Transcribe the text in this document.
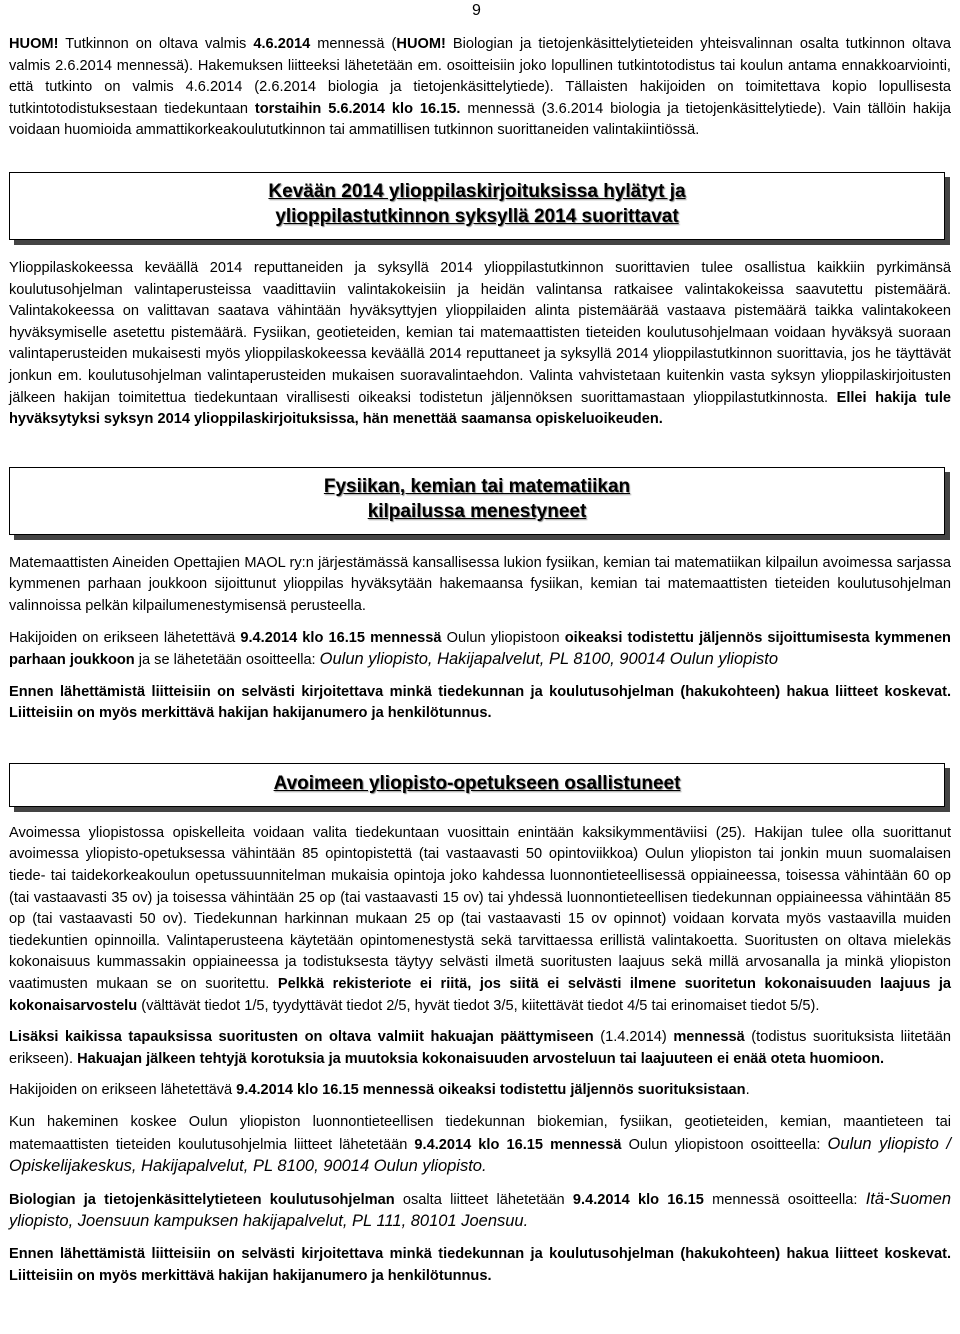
9

HUOM! Tutkinnon on oltava valmis 4.6.2014 mennessä (HUOM! Biologian ja tietojenkäsittelytieteiden yhteisvalinnan osalta tutkinnon oltava valmis 2.6.2014 mennessä). Hakemuksen liitteeksi lähetetään em. osoitteisiin joko lopullinen tutkintotodistus tai koulun antama ennakkoarviointi, että tutkinto on valmis 4.6.2014 (2.6.2014 biologia ja tietojenkäsittelytiede). Tällaisten hakijoiden on toimitettava kopio lopullisesta tutkintotodistuksestaan tiedekuntaan torstaihin 5.6.2014 klo 16.15. mennessä (3.6.2014 biologia ja tietojenkäsittelytiede). Vain tällöin hakija voidaan huomioida ammattikorkeakoulututkinnon tai ammatillisen tutkinnon suorittaneiden valintakiintiössä.

Kevään 2014 ylioppilaskirjoituksissa hylätyt ja
ylioppilastutkinnon syksyllä 2014 suorittavat

Ylioppilaskokeessa keväällä 2014 reputtaneiden ja syksyllä 2014 ylioppilastutkinnon suorittavien tulee osallistua kaikkiin pyrkimänsä koulutusohjelman valintaperusteissa vaadittaviin valintakokeisiin ja heidän valintansa ratkaisee valintakokeissa saavutettu pistemäärä. Valintakokeessa on valittavan saatava vähintään hyväksyttyjen ylioppilaiden alinta pistemäärää vastaava pistemäärä taikka valintakokeen hyväksymiselle asetettu pistemäärä. Fysiikan, geotieteiden, kemian tai matemaattisten tieteiden koulutusohjelmaan voidaan hyväksyä suoraan valintaperusteiden mukaisesti myös ylioppilaskokeessa keväällä 2014 reputtaneet ja syksyllä 2014 ylioppilastutkinnon suorittavia, jos he täyttävät jonkun em. koulutusohjelman valintaperusteiden mukaisen suoravalintaehdon. Valinta vahvistetaan kuitenkin vasta syksyn ylioppilaskirjoitusten jälkeen hakijan toimitettua tiedekuntaan virallisesti oikeaksi todistetun jäljennöksen suorittamastaan ylioppilastutkinnosta. Ellei hakija tule hyväksytyksi syksyn 2014 ylioppilaskirjoituksissa, hän menettää saamansa opiskeluoikeuden.

Fysiikan, kemian tai matematiikan
kilpailussa menestyneet

Matemaattisten Aineiden Opettajien MAOL ry:n järjestämässä kansallisessa lukion fysiikan, kemian tai matematiikan kilpailun avoimessa sarjassa kymmenen parhaan joukkoon sijoittunut ylioppilas hyväksytään hakemaansa fysiikan, kemian tai matemaattisten tieteiden koulutusohjelman valinnoissa pelkän kilpailumenestymisensä perusteella.

Hakijoiden on erikseen lähetettävä 9.4.2014 klo 16.15 mennessä Oulun yliopistoon oikeaksi todistettu jäljennös sijoittumisesta kymmenen parhaan joukkoon ja se lähetetään osoitteella: Oulun yliopisto, Hakijapalvelut, PL 8100, 90014 Oulun yliopisto

Ennen lähettämistä liitteisiin on selvästi kirjoitettava minkä tiedekunnan ja koulutusohjelman (hakukohteen) hakua liitteet koskevat. Liitteisiin on myös merkittävä hakijan hakijanumero ja henkilötunnus.

Avoimeen yliopisto-opetukseen osallistuneet

Avoimessa yliopistossa opiskelleita voidaan valita tiedekuntaan vuosittain enintään kaksikymmentäviisi (25). Hakijan tulee olla suorittanut avoimessa yliopisto-opetuksessa vähintään 85 opintopistettä (tai vastaavasti 50 opintoviikkoa) Oulun yliopiston tai jonkin muun suomalaisen tiede- tai taidekorkeakoulun opetussuunnitelman mukaisia opintoja joko kahdessa luonnontieteellisessä oppiaineessa, toisessa vähintään 60 op (tai vastaavasti 35 ov) ja toisessa vähintään 25 op (tai vastaavasti 15 ov) tai yhdessä luonnontieteellisen tiedekunnan oppiaineessa vähintään 85 op (tai vastaavasti 50 ov). Tiedekunnan harkinnan mukaan 25 op (tai vastaavasti 15 ov opinnot) voidaan korvata myös vastaavilla muiden tiedekuntien opinnoilla. Valintaperusteena käytetään opintomenestystä sekä tarvittaessa erillistä valintakoetta. Suoritusten on oltava mielekäs kokonaisuus kummassakin oppiaineessa ja todistuksesta täytyy selvästi ilmetä suoritusten laajuus sekä millä arvosanalla ja minkä yliopiston vaatimusten mukaan se on suoritettu. Pelkkä rekisteriote ei riitä, jos siitä ei selvästi ilmene suoritetun kokonaisuuden laajuus ja kokonaisarvostelu (välttävät tiedot 1/5, tyydyttävät tiedot 2/5, hyvät tiedot 3/5, kiitettävät tiedot 4/5 tai erinomaiset tiedot 5/5).

Lisäksi kaikissa tapauksissa suoritusten on oltava valmiit hakuajan päättymiseen (1.4.2014) mennessä (todistus suorituksista liitetään erikseen). Hakuajan jälkeen tehtyjä korotuksia ja muutoksia kokonaisuuden arvosteluun tai laajuuteen ei enää oteta huomioon.

Hakijoiden on erikseen lähetettävä 9.4.2014 klo 16.15 mennessä oikeaksi todistettu jäljennös suorituksistaan.

Kun hakeminen koskee Oulun yliopiston luonnontieteellisen tiedekunnan biokemian, fysiikan, geotieteiden, kemian, maantieteen tai matemaattisten tieteiden koulutusohjelmia liitteet lähetetään 9.4.2014 klo 16.15 mennessä Oulun yliopistoon osoitteella: Oulun yliopisto / Opiskelijakeskus, Hakijapalvelut, PL 8100, 90014 Oulun yliopisto.

Biologian ja tietojenkäsittelytieteen koulutusohjelman osalta liitteet lähetetään 9.4.2014 klo 16.15 mennessä osoitteella: Itä-Suomen yliopisto, Joensuun kampuksen hakijapalvelut, PL 111, 80101 Joensuu.

Ennen lähettämistä liitteisiin on selvästi kirjoitettava minkä tiedekunnan ja koulutusohjelman (hakukohteen) hakua liitteet koskevat. Liitteisiin on myös merkittävä hakijan hakijanumero ja henkilötunnus.
